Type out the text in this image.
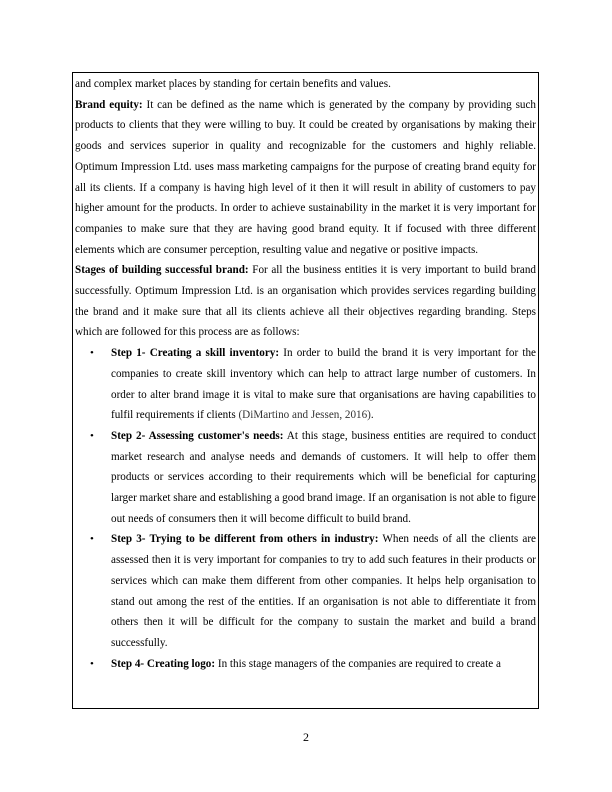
and complex market places by standing for certain benefits and values.

Brand equity: It can be defined as the name which is generated by the company by providing such products to clients that they were willing to buy. It could be created by organisations by making their goods and services superior in quality and recognizable for the customers and highly reliable. Optimum Impression Ltd. uses mass marketing campaigns for the purpose of creating brand equity for all its clients. If a company is having high level of it then it will result in ability of customers to pay higher amount for the products. In order to achieve sustainability in the market it is very important for companies to make sure that they are having good brand equity. It if focused with three different elements which are consumer perception, resulting value and negative or positive impacts.

Stages of building successful brand: For all the business entities it is very important to build brand successfully. Optimum Impression Ltd. is an organisation which provides services regarding building the brand and it make sure that all its clients achieve all their objectives regarding branding. Steps which are followed for this process are as follows:

• Step 1- Creating a skill inventory: In order to build the brand it is very important for the companies to create skill inventory which can help to attract large number of customers. In order to alter brand image it is vital to make sure that organisations are having capabilities to fulfil requirements if clients (DiMartino and Jessen, 2016).

• Step 2- Assessing customer's needs: At this stage, business entities are required to conduct market research and analyse needs and demands of customers. It will help to offer them products or services according to their requirements which will be beneficial for capturing larger market share and establishing a good brand image. If an organisation is not able to figure out needs of consumers then it will become difficult to build brand.

• Step 3- Trying to be different from others in industry: When needs of all the clients are assessed then it is very important for companies to try to add such features in their products or services which can make them different from other companies. It helps help organisation to stand out among the rest of the entities. If an organisation is not able to differentiate it from others then it will be difficult for the company to sustain the market and build a brand successfully.

• Step 4- Creating logo: In this stage managers of the companies are required to create a

2
